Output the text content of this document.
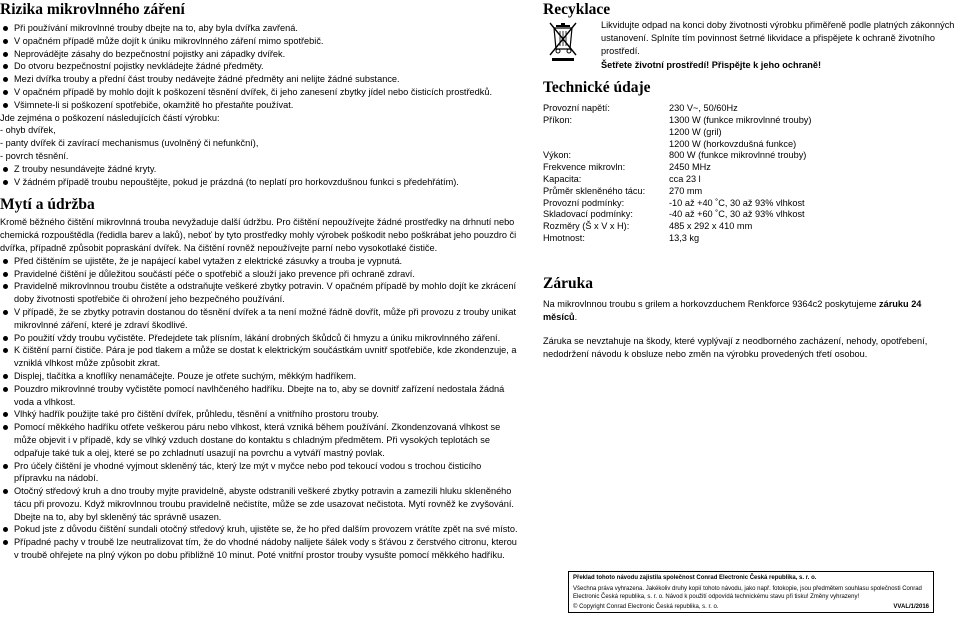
Rizika mikrovlnného záření
Při používání mikrovlnné trouby dbejte na to, aby byla dvířka zavřená.
V opačném případě může dojít k úniku mikrovlnného záření mimo spotřebič.
Neprovádějte zásahy do bezpečnostní pojistky ani západky dvířek.
Do otvoru bezpečnostní pojistky nevkládejte žádné předměty.
Mezi dvířka trouby a přední část trouby nedávejte žádné předměty ani nelijte žádné substance.
V opačném případě by mohlo dojít k poškození těsnění dvířek, či jeho zanesení zbytky jídel nebo čisticích prostředků.
Všimnete-li si poškození spotřebiče, okamžitě ho přestaňte používat.

Jde zejména o poškození následujících částí výrobku:

- ohyb dvířek,
- panty dvířek či zavírací mechanismus (uvolněný či nefunkční),
- povrch těsnění.
Z trouby nesundávejte žádné kryty.
V žádném případě troubu nepouštějte, pokud je prázdná (to neplatí pro horkovzdušnou funkci s předehřátím).
Mytí a údržba

Kromě běžného čištění mikrovlnná trouba nevyžaduje další údržbu. Pro čištění nepoužívejte žádné prostředky na drhnutí nebo chemická rozpouštědla (ředidla barev a laků), neboť by tyto prostředky mohly výrobek poškodit nebo poškrábat jeho pouzdro či dvířka, případně způsobit popraskání dvířek. Na čištění rovněž nepoužívejte parní nebo vysokotlaké čističe.

Před čištěním se ujistěte, že je napájecí kabel vytažen z elektrické zásuvky a trouba je vypnutá.
Pravidelné čištění je důležitou součástí péče o spotřebič a slouží jako prevence při ochraně zdraví.
Pravidelně mikrovlnnou troubu čistěte a odstraňujte veškeré zbytky potravin. V opačném případě by mohlo dojít ke zkrácení doby životnosti spotřebiče či ohrožení jeho bezpečného používání.
V případě, že se zbytky potravin dostanou do těsnění dvířek a ta není možné řádně dovřít, může při provozu z trouby unikat mikrovlnné záření, které je zdraví škodlivé.
Po použití vždy troubu vyčistěte. Předejdete tak plísním, lákání drobných škůdců či hmyzu a úniku mikrovlnného záření.
K čištění parní čističe. Pára je pod tlakem a může se dostat k elektrickým součástkám uvnitř spotřebiče, kde zkondenzuje, a vzniklá vlhkost může způsobit zkrat.
Displej, tlačítka a knoflíky nenamáčejte. Pouze je otřete suchým, měkkým hadříkem.
Pouzdro mikrovlnné trouby vyčistěte pomocí navlhčeného hadříku. Dbejte na to, aby se dovnitř zařízení nedostala žádná voda a vlhkost.
Vlhký hadřík použijte také pro čištění dvířek, průhledu, těsnění a vnitřního prostoru trouby.
Pomocí měkkého hadříku otřete veškerou páru nebo vlhkost, která vzniká během používání. Zkondenzovaná vlhkost se může objevit i v případě, kdy se vlhký vzduch dostane do kontaktu s chladným předmětem. Při vysokých teplotách se odpařuje také tuk a olej, které se po zchladnutí usazují na povrchu a vytváří mastný povlak.
Pro účely čištění je vhodné vyjmout skleněný tác, který lze mýt v myčce nebo pod tekoucí vodou s trochou čisticího přípravku na nádobí.
Otočný středový kruh a dno trouby myjte pravidelně, abyste odstranili veškeré zbytky potravin a zamezili hluku skleněného tácu při provozu. Když mikrovlnnou troubu pravidelně nečistíte, může se zde usazovat nečistota. Mytí rovněž ke zvyšování. Dbejte na to, aby byl skleněný tác správně usazen.
Pokud jste z důvodu čištění sundali otočný středový kruh, ujistěte se, že ho před dalším provozem vrátíte zpět na své místo.
Případné pachy v troubě lze neutralizovat tím, že do vhodné nádoby nalijete šálek vody s šťávou z čerstvého citronu, kterou v troubě ohřejete na plný výkon po dobu přibližně 10 minut. Poté vnitřní prostor trouby vysušte pomocí měkkého hadříku.
Recyklace

Likvidujte odpad na konci doby životnosti výrobku přiměřeně podle platných zákonných ustanovení. Splníte tím povinnost šetrné likvidace a přispějete k ochraně životního prostředí.

Šetřete životní prostředí! Přispějte k jeho ochraně!

Technické údaje
Provozní napětí:	230 V~, 50/60Hz
Příkon:	1300 W (funkce mikrovlnné trouby)
	1200 W (gril)
	1200 W (horkovzdušná funkce)
Výkon:	800 W (funkce mikrovlnné trouby)
Frekvence mikrovln:	2450 MHz
Kapacita:	cca 23 l
Průměr skleněného tácu:	270 mm
Provozní podmínky:	-10 až +40 ˚C, 30 až 93% vlhkost
Skladovací podmínky:	-40 až +60 ˚C, 30 až 93% vlhkost
Rozměry (Š x V x H):	485 x 292 x 410 mm
Hmotnost:	13,3 kg
Záruka

Na mikrovlnnou troubu s grilem a horkovzduchem Renkforce 9364c2 poskytujeme záruku 24 měsíců.

Záruka se nevztahuje na škody, které vyplývají z neodborného zacházení, nehody, opotřebení, nedodržení návodu k obsluze nebo změn na výrobku provedených třetí osobou.

Překlad tohoto návodu zajistila společnost Conrad Electronic Česká republika, s. r. o.
Všechna práva vyhrazena. Jakékoliv druhy kopií tohoto návodu, jako např. fotokopie, jsou předmětem souhlasu společnosti Conrad Electronic Česká republika, s. r. o. Návod k použití odpovídá technickému stavu při tisku! Změny vyhrazeny!
© Copyright Conrad Electronic Česká republika, s. r. o.	VVAL/1/2016
